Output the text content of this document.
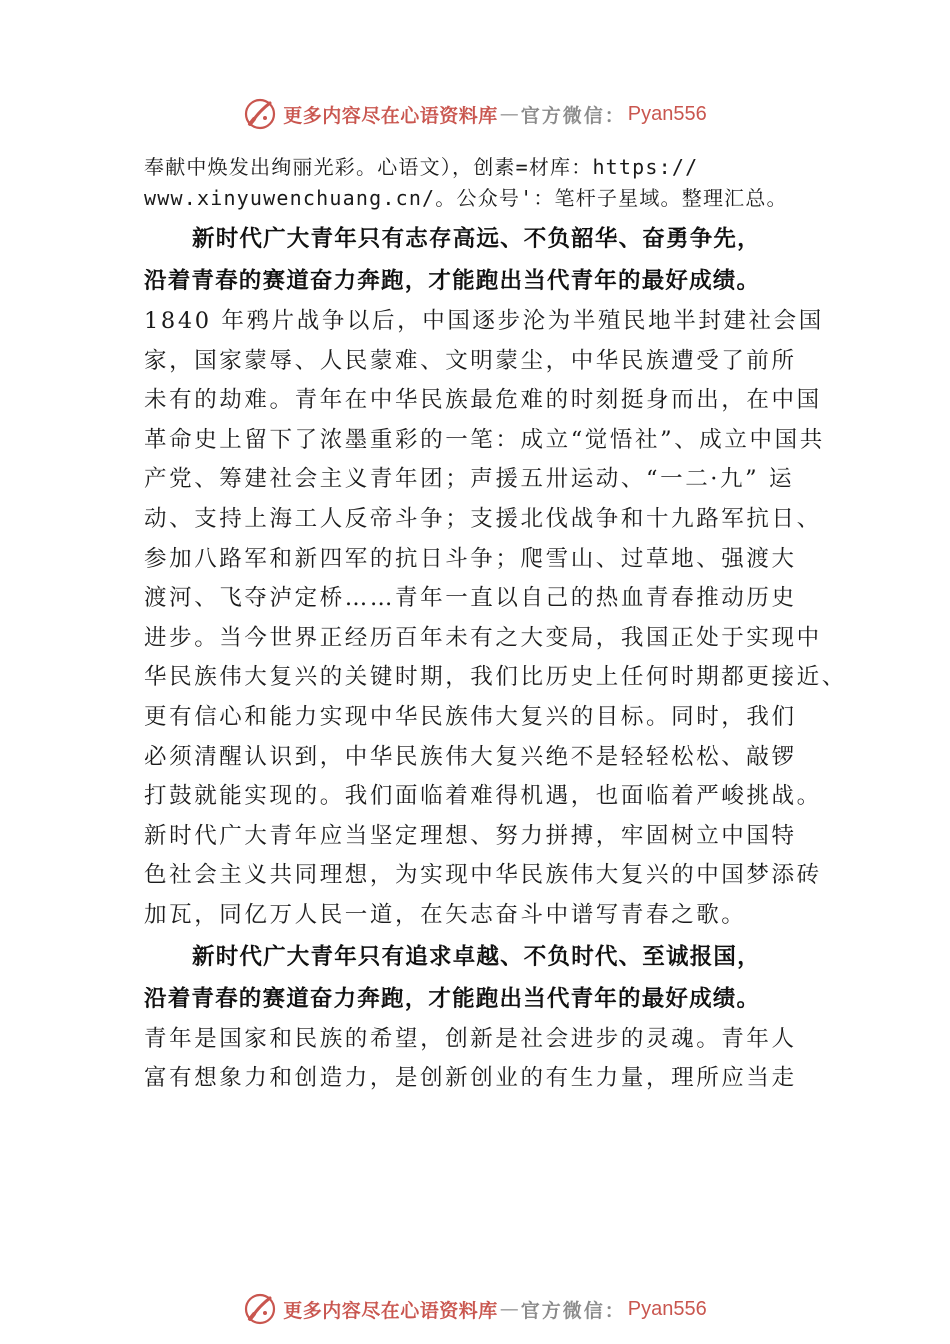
更多内容尽在心语资料库 — 官方微信： Pyan556
奉献中焕发出绚丽光彩。心语文），创素=材库：https://
www.xinyuwenchuang.cn/。公众号'：笔杆子星域。整理汇总。
新时代广大青年只有志存高远、不负韶华、奋勇争先，
沿着青春的赛道奋力奔跑，才能跑出当代青年的最好成绩。
1840 年鸦片战争以后，中国逐步沦为半殖民地半封建社会国
家，国家蒙辱、人民蒙难、文明蒙尘，中华民族遭受了前所
未有的劫难。青年在中华民族最危难的时刻挺身而出，在中国
革命史上留下了浓墨重彩的一笔：成立“觉悟社”、成立中国共
产党、筹建社会主义青年团；声援五卅运动、“一二·九” 运
动、支持上海工人反帝斗争；支援北伐战争和十九路军抗日、
参加八路军和新四军的抗日斗争；爬雪山、过草地、强渡大
渡河、飞夺泸定桥……青年一直以自己的热血青春推动历史
进步。当今世界正经历百年未有之大变局，我国正处于实现中
华民族伟大复兴的关键时期，我们比历史上任何时期都更接近、
更有信心和能力实现中华民族伟大复兴的目标。同时，我们
必须清醒认识到，中华民族伟大复兴绝不是轻轻松松、敲锣
打鼓就能实现的。我们面临着难得机遇，也面临着严峻挑战。
新时代广大青年应当坚定理想、努力拼搏，牢固树立中国特
色社会主义共同理想，为实现中华民族伟大复兴的中国梦添砖
加瓦，同亿万人民一道，在矢志奋斗中谱写青春之歌。
新时代广大青年只有追求卓越、不负时代、至诚报国，
沿着青春的赛道奋力奔跑，才能跑出当代青年的最好成绩。
青年是国家和民族的希望，创新是社会进步的灵魂。青年人
富有想象力和创造力，是创新创业的有生力量，理所应当走
更多内容尽在心语资料库 — 官方微信： Pyan556
